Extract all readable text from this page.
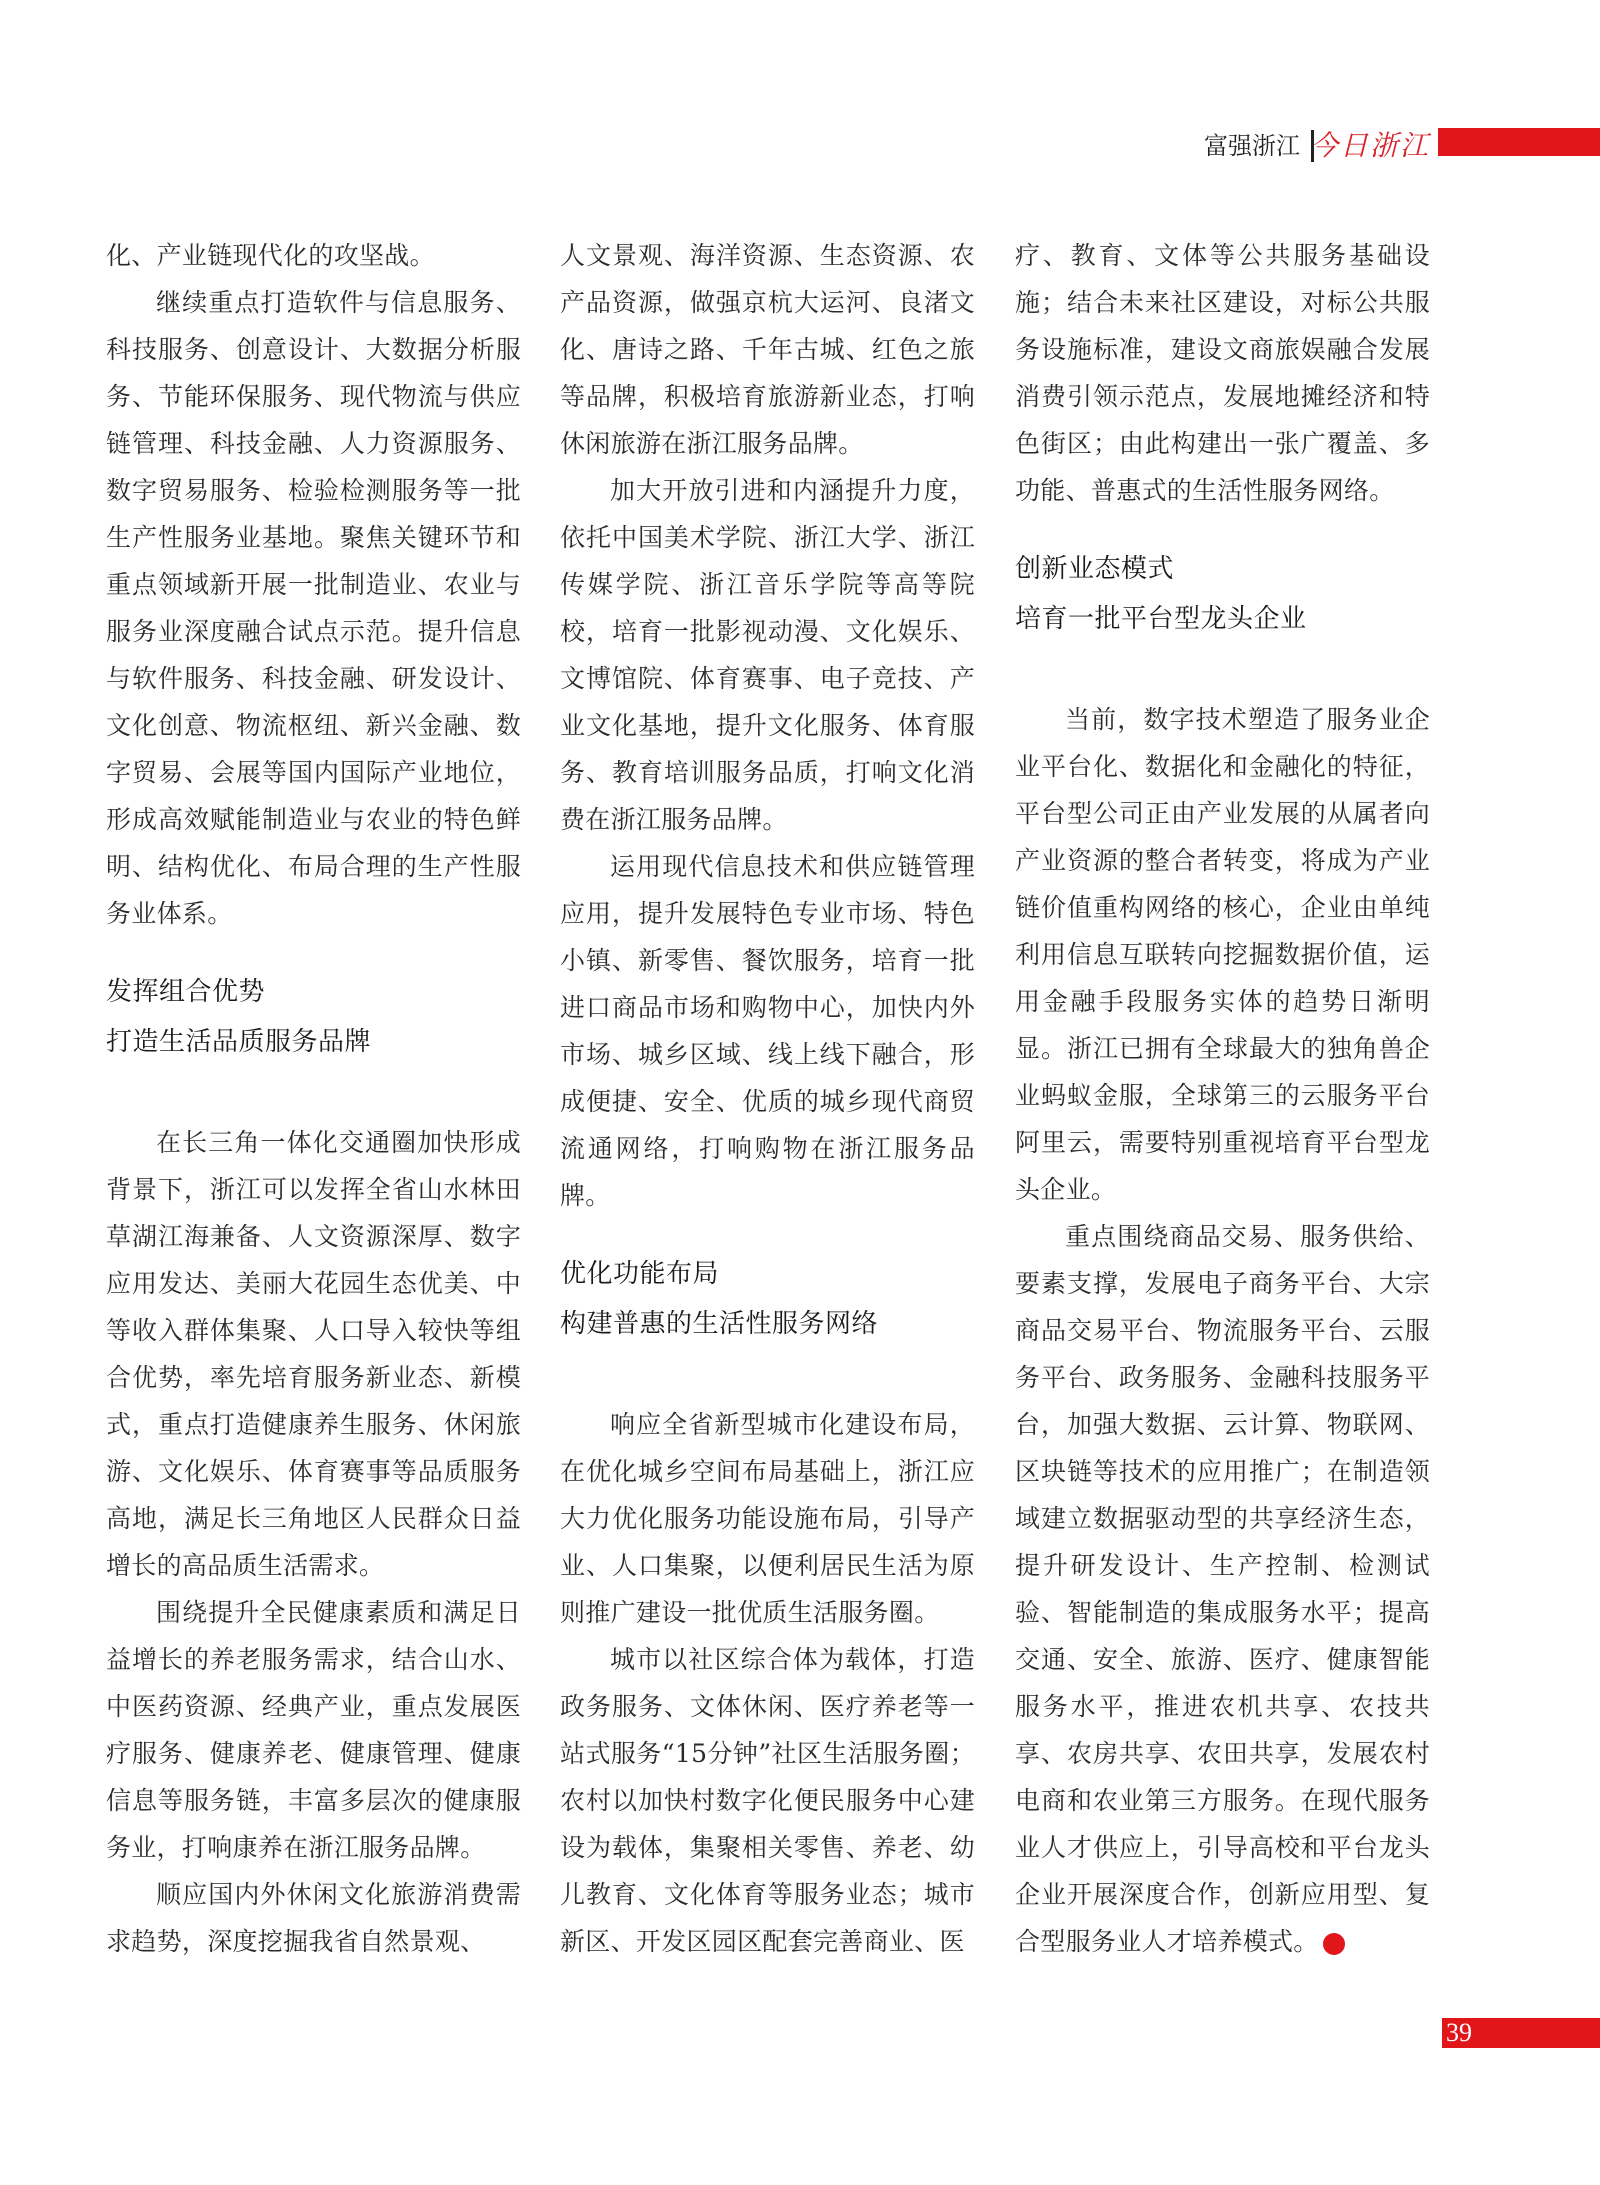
富强浙江 今日浙江

化、产业链现代化的攻坚战。

继续重点打造软件与信息服务、科技服务、创意设计、大数据分析服务、节能环保服务、现代物流与供应链管理、科技金融、人力资源服务、数字贸易服务、检验检测服务等一批生产性服务业基地。聚焦关键环节和重点领域新开展一批制造业、农业与服务业深度融合试点示范。提升信息与软件服务、科技金融、研发设计、文化创意、物流枢纽、新兴金融、数字贸易、会展等国内国际产业地位，形成高效赋能制造业与农业的特色鲜明、结构优化、布局合理的生产性服务业体系。

发挥组合优势
打造生活品质服务品牌

在长三角一体化交通圈加快形成背景下，浙江可以发挥全省山水林田草湖江海兼备、人文资源深厚、数字应用发达、美丽大花园生态优美、中等收入群体集聚、人口导入较快等组合优势，率先培育服务新业态、新模式，重点打造健康养生服务、休闲旅游、文化娱乐、体育赛事等品质服务高地，满足长三角地区人民群众日益增长的高品质生活需求。

围绕提升全民健康素质和满足日益增长的养老服务需求，结合山水、中医药资源、经典产业，重点发展医疗服务、健康养老、健康管理、健康信息等服务链，丰富多层次的健康服务业，打响康养在浙江服务品牌。

顺应国内外休闲文化旅游消费需求趋势，深度挖掘我省自然景观、

人文景观、海洋资源、生态资源、农产品资源，做强京杭大运河、良渚文化、唐诗之路、千年古城、红色之旅等品牌，积极培育旅游新业态，打响休闲旅游在浙江服务品牌。

加大开放引进和内涵提升力度，依托中国美术学院、浙江大学、浙江传媒学院、浙江音乐学院等高等院校，培育一批影视动漫、文化娱乐、文博馆院、体育赛事、电子竞技、产业文化基地，提升文化服务、体育服务、教育培训服务品质，打响文化消费在浙江服务品牌。

运用现代信息技术和供应链管理应用，提升发展特色专业市场、特色小镇、新零售、餐饮服务，培育一批进口商品市场和购物中心，加快内外市场、城乡区域、线上线下融合，形成便捷、安全、优质的城乡现代商贸流通网络，打响购物在浙江服务品牌。

优化功能布局
构建普惠的生活性服务网络

响应全省新型城市化建设布局，在优化城乡空间布局基础上，浙江应大力优化服务功能设施布局，引导产业、人口集聚，以便利居民生活为原则推广建设一批优质生活服务圈。

城市以社区综合体为载体，打造政务服务、文体休闲、医疗养老等一站式服务“15分钟”社区生活服务圈；农村以加快村数字化便民服务中心建设为载体，集聚相关零售、养老、幼儿教育、文化体育等服务业态；城市新区、开发区园区配套完善商业、医

疗、教育、文体等公共服务基础设施；结合未来社区建设，对标公共服务设施标准，建设文商旅娱融合发展消费引领示范点，发展地摊经济和特色街区；由此构建出一张广覆盖、多功能、普惠式的生活性服务网络。

创新业态模式
培育一批平台型龙头企业

当前，数字技术塑造了服务业企业平台化、数据化和金融化的特征，平台型公司正由产业发展的从属者向产业资源的整合者转变，将成为产业链价值重构网络的核心，企业由单纯利用信息互联转向挖掘数据价值，运用金融手段服务实体的趋势日渐明显。浙江已拥有全球最大的独角兽企业蚂蚁金服，全球第三的云服务平台阿里云，需要特别重视培育平台型龙头企业。

重点围绕商品交易、服务供给、要素支撑，发展电子商务平台、大宗商品交易平台、物流服务平台、云服务平台、政务服务、金融科技服务平台，加强大数据、云计算、物联网、区块链等技术的应用推广；在制造领域建立数据驱动型的共享经济生态，提升研发设计、生产控制、检测试验、智能制造的集成服务水平；提高交通、安全、旅游、医疗、健康智能服务水平，推进农机共享、农技共享、农房共享、农田共享，发展农村电商和农业第三方服务。在现代服务业人才供应上，引导高校和平台龙头企业开展深度合作，创新应用型、复合型服务业人才培养模式。	今

39
